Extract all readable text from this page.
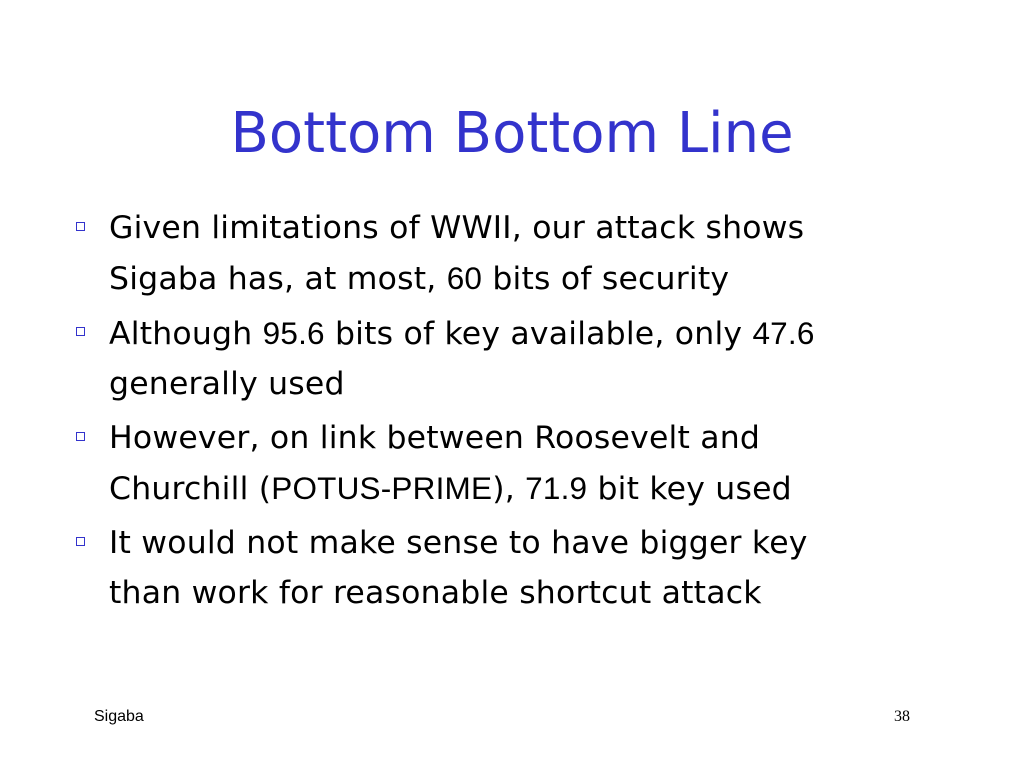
Bottom Bottom Line
Given limitations of WWII, our attack shows
Sigaba has, at most, 60 bits of security
Although 95.6 bits of key available, only 47.6
generally used
However, on link between Roosevelt and
Churchill (POTUS-PRIME), 71.9 bit key used
It would not make sense to have bigger key
than work for reasonable shortcut attack
Sigaba	38
